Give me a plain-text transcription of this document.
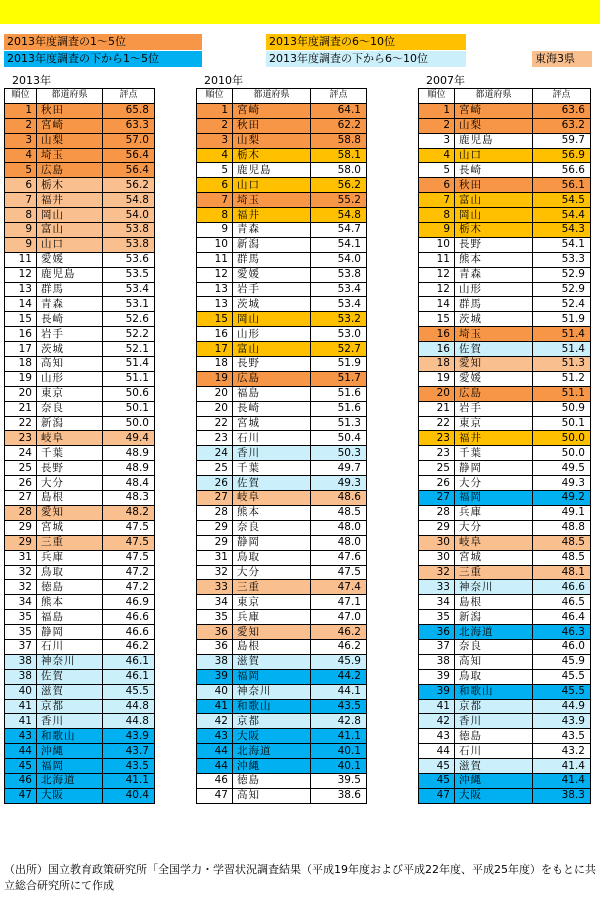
2013年度調査の1～5位	2013年度調査の6～10位
2013年度調査の下から1～5位	2013年度調査の下から6～10位	東海3県
2013年
順位	都道府県	評点
1	秋田	65.8
2	宮崎	63.3
3	山梨	57.0
4	埼玉	56.4
5	広島	56.4
6	栃木	56.2
7	福井	54.8
8	岡山	54.0
9	富山	53.8
9	山口	53.8
11	愛媛	53.6
12	鹿児島	53.5
13	群馬	53.4
14	青森	53.1
15	長崎	52.6
16	岩手	52.2
17	茨城	52.1
18	高知	51.4
19	山形	51.1
20	東京	50.6
21	奈良	50.1
22	新潟	50.0
23	岐阜	49.4
24	千葉	48.9
25	長野	48.9
26	大分	48.4
27	島根	48.3
28	愛知	48.2
29	宮城	47.5
29	三重	47.5
31	兵庫	47.5
32	鳥取	47.2
32	徳島	47.2
34	熊本	46.9
35	福島	46.6
35	静岡	46.6
37	石川	46.2
38	神奈川	46.1
38	佐賀	46.1
40	滋賀	45.5
41	京都	44.8
41	香川	44.8
43	和歌山	43.9
44	沖縄	43.7
45	福岡	43.5
46	北海道	41.1
47	大阪	40.4
2010年
順位	都道府県	評点
1	宮崎	64.1
2	秋田	62.2
3	山梨	58.8
4	栃木	58.1
5	鹿児島	58.0
6	山口	56.2
7	埼玉	55.2
8	福井	54.8
9	青森	54.7
10	新潟	54.1
11	群馬	54.0
12	愛媛	53.8
13	岩手	53.4
13	茨城	53.4
15	岡山	53.2
16	山形	53.0
17	富山	52.7
18	長野	51.9
19	広島	51.7
20	福島	51.6
20	長崎	51.6
22	宮城	51.3
23	石川	50.4
24	香川	50.3
25	千葉	49.7
26	佐賀	49.3
27	岐阜	48.6
28	熊本	48.5
29	奈良	48.0
29	静岡	48.0
31	鳥取	47.6
32	大分	47.5
33	三重	47.4
34	東京	47.1
35	兵庫	47.0
36	愛知	46.2
36	島根	46.2
38	滋賀	45.9
39	福岡	44.2
40	神奈川	44.1
41	和歌山	43.5
42	京都	42.8
43	大阪	41.1
44	北海道	40.1
44	沖縄	40.1
46	徳島	39.5
47	高知	38.6
2007年
順位	都道府県	評点
1	宮崎	63.6
2	山梨	63.2
3	鹿児島	59.7
4	山口	56.9
5	長崎	56.6
6	秋田	56.1
7	富山	54.5
8	岡山	54.4
9	栃木	54.3
10	長野	54.1
11	熊本	53.3
12	青森	52.9
12	山形	52.9
14	群馬	52.4
15	茨城	51.9
16	埼玉	51.4
16	佐賀	51.4
18	愛知	51.3
19	愛媛	51.2
20	広島	51.1
21	岩手	50.9
22	東京	50.1
23	福井	50.0
23	千葉	50.0
25	静岡	49.5
26	大分	49.3
27	福岡	49.2
28	兵庫	49.1
29	大分	48.8
30	岐阜	48.5
30	宮城	48.5
32	三重	48.1
33	神奈川	46.6
34	島根	46.5
35	新潟	46.4
36	北海道	46.3
37	奈良	46.0
38	高知	45.9
39	鳥取	45.5
39	和歌山	45.5
41	京都	44.9
42	香川	43.9
43	徳島	43.5
44	石川	43.2
45	滋賀	41.4
45	沖縄	41.4
47	大阪	38.3
（出所）国立教育政策研究所「全国学力・学習状況調査結果（平成19年度および平成22年度、平成25年度）をもとに共立総合研究所にて作成
